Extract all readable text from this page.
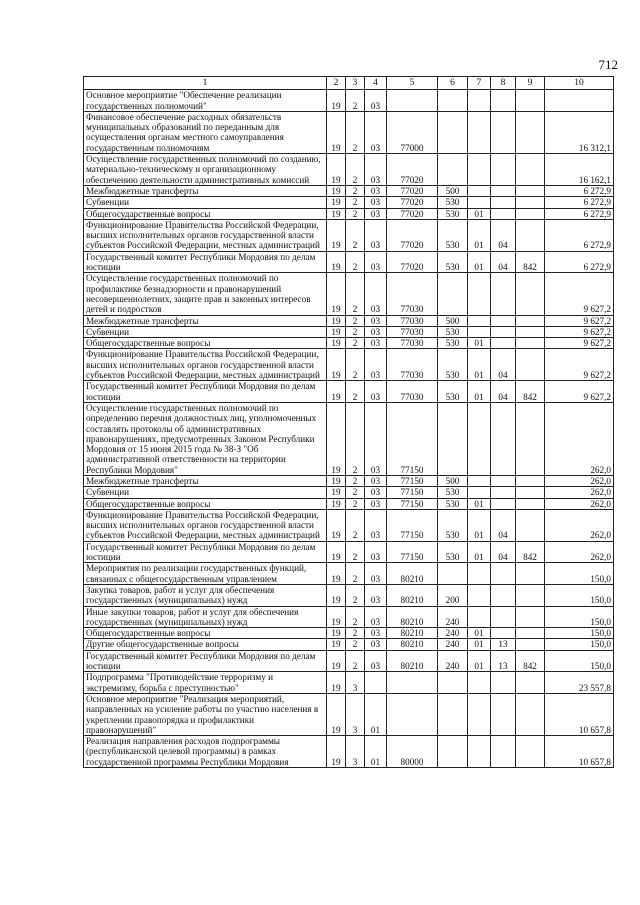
712
1	2	3	4	5	6	7	8	9	10
Основное мероприятие "Обеспечение реализации государственных полномочий"	19	2	03						
Финансовое обеспечение расходных обязательств муниципальных образований по переданным для осуществления органам местного самоуправления государственным полномочиям	19	2	03	77000					16 312,1
Осуществление государственных полномочий по созданию, материально-техническому и организационному обеспечению деятельности административных комиссий	19	2	03	77020					16 162,1
Межбюджетные трансферты	19	2	03	77020	500				6 272,9
Субвенции	19	2	03	77020	530				6 272,9
Общегосударственные вопросы	19	2	03	77020	530	01			6 272,9
Функционирование Правительства Российской Федерации, высших исполнительных органов государственной власти субъектов Российской Федерации, местных администраций	19	2	03	77020	530	01	04		6 272,9
Государственный комитет Республики Мордовия по делам юстиции	19	2	03	77020	530	01	04	842	6 272,9
Осуществление государственных полномочий по профилактике безнадзорности и правонарушений несовершеннолетних, защите прав и законных интересов детей и подростков	19	2	03	77030					9 627,2
Межбюджетные трансферты	19	2	03	77030	500				9 627,2
Субвенции	19	2	03	77030	530				9 627,2
Общегосударственные вопросы	19	2	03	77030	530	01			9 627,2
Функционирование Правительства Российской Федерации, высших исполнительных органов государственной власти субъектов Российской Федерации, местных администраций	19	2	03	77030	530	01	04		9 627,2
Государственный комитет Республики Мордовия по делам юстиции	19	2	03	77030	530	01	04	842	9 627,2
Осуществление государственных полномочий по определению перечня должностных лиц, уполномоченных составлять протоколы об административных правонарушениях, предусмотренных Законом Республики Мордовия от 15 июня 2015 года № 38-З "Об административной ответственности на территории Республики Мордовия"	19	2	03	77150					262,0
Межбюджетные трансферты	19	2	03	77150	500				262,0
Субвенции	19	2	03	77150	530				262,0
Общегосударственные вопросы	19	2	03	77150	530	01			262,0
Функционирование Правительства Российской Федерации, высших исполнительных органов государственной власти субъектов Российской Федерации, местных администраций	19	2	03	77150	530	01	04		262,0
Государственный комитет Республики Мордовия по делам юстиции	19	2	03	77150	530	01	04	842	262,0
Мероприятия по реализации государственных функций, связанных с общегосударственным управлением	19	2	03	80210					150,0
Закупка товаров, работ и услуг для обеспечения государственных (муниципальных) нужд	19	2	03	80210	200				150,0
Иные закупки товаров, работ и услуг для обеспечения государственных (муниципальных) нужд	19	2	03	80210	240				150,0
Общегосударственные вопросы	19	2	03	80210	240	01			150,0
Другие общегосударственные вопросы	19	2	03	80210	240	01	13		150,0
Государственный комитет Республики Мордовия по делам юстиции	19	2	03	80210	240	01	13	842	150,0
Подпрограмма "Противодействие терроризму и экстремизму, борьба с преступностью"	19	3							23 557,8
Основное мероприятие "Реализация мероприятий, направленных на усиление работы по участию населения в укреплении правопорядка и профилактики правонарушений"	19	3	01						10 657,8
Реализация направления расходов подпрограммы (республиканской целевой программы) в рамках государственной программы Республики Мордовия	19	3	01	80000					10 657,8
